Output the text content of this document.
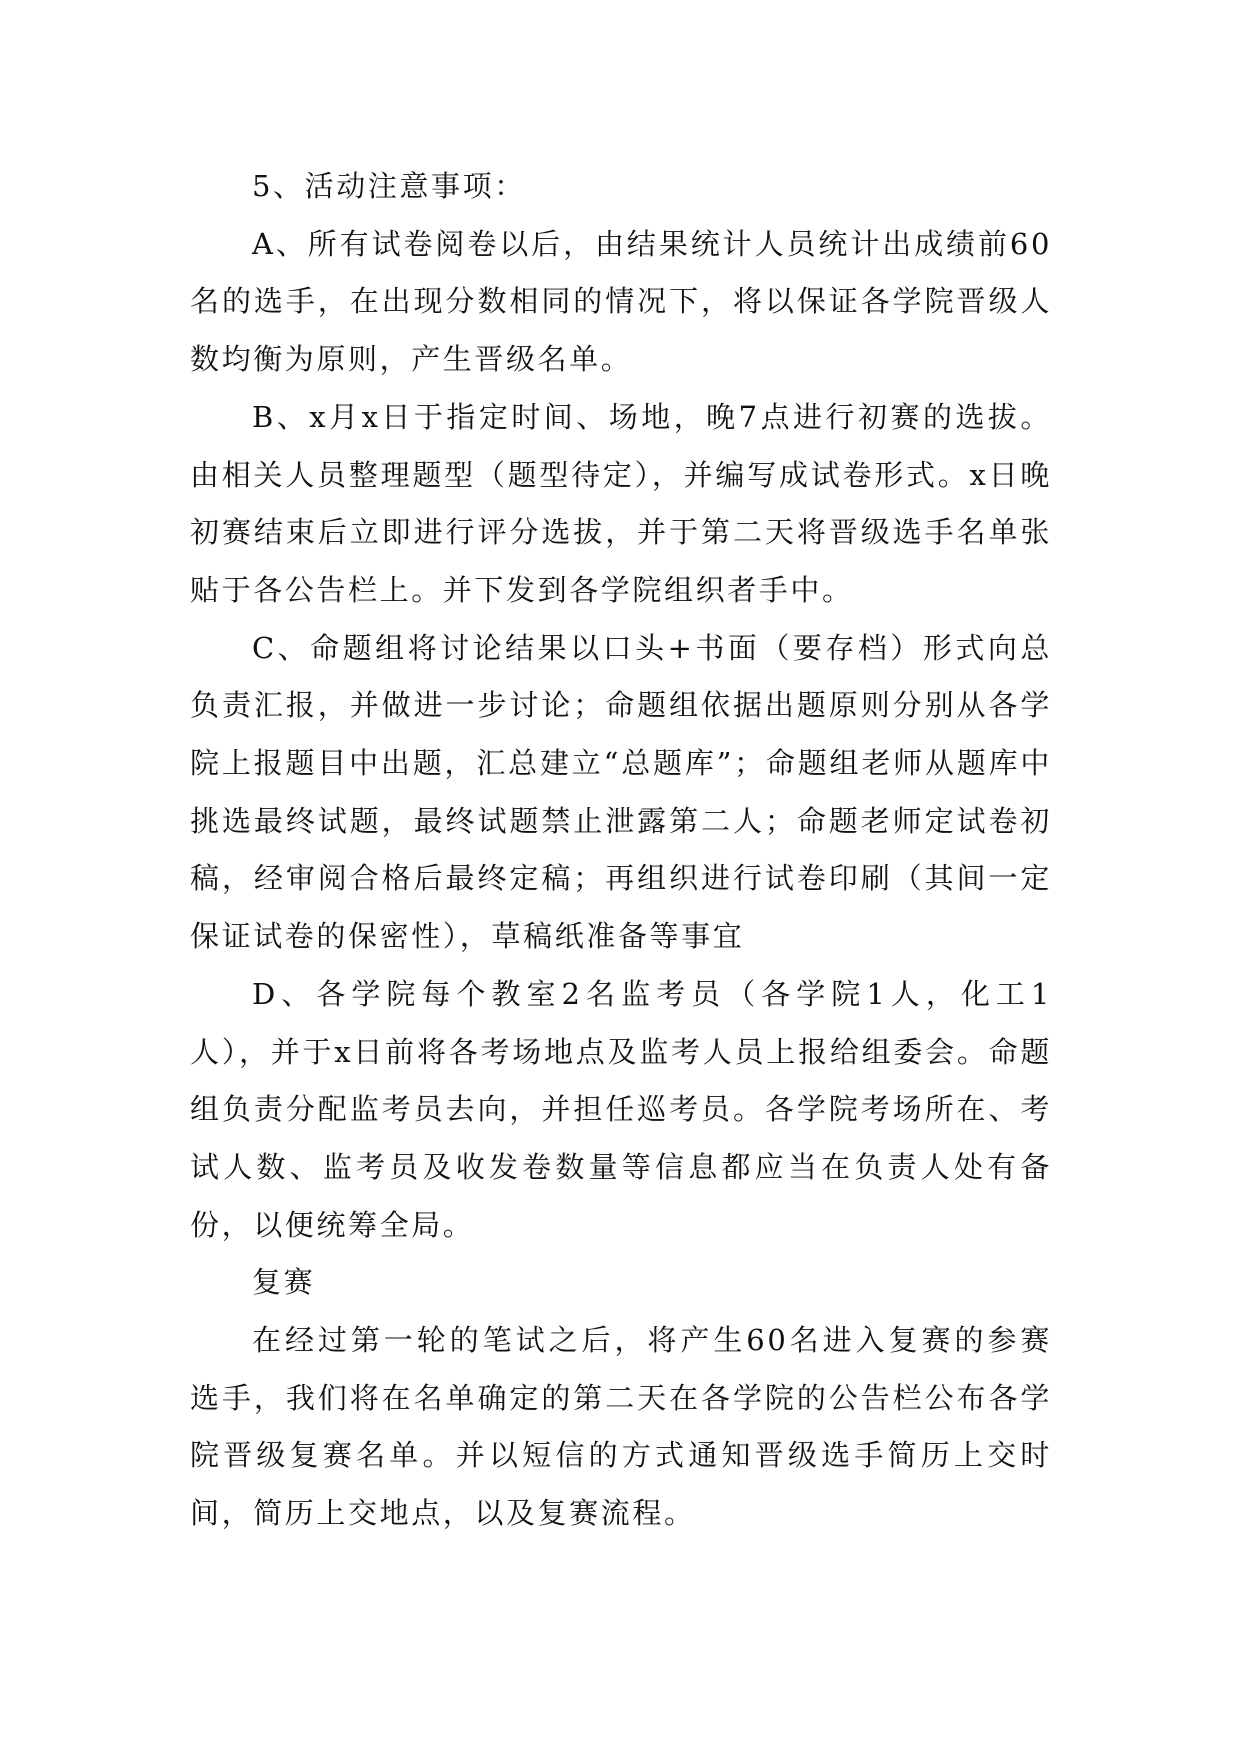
5、活动注意事项：

A、所有试卷阅卷以后，由结果统计人员统计出成绩前60名的选手，在出现分数相同的情况下，将以保证各学院晋级人数均衡为原则，产生晋级名单。

B、x月x日于指定时间、场地，晚7点进行初赛的选拔。由相关人员整理题型（题型待定），并编写成试卷形式。x日晚初赛结束后立即进行评分选拔，并于第二天将晋级选手名单张贴于各公告栏上。并下发到各学院组织者手中。

C、命题组将讨论结果以口头+书面（要存档）形式向总负责汇报，并做进一步讨论；命题组依据出题原则分别从各学院上报题目中出题，汇总建立“总题库”；命题组老师从题库中挑选最终试题，最终试题禁止泄露第二人；命题老师定试卷初稿，经审阅合格后最终定稿；再组织进行试卷印刷（其间一定保证试卷的保密性），草稿纸准备等事宜

D、各学院每个教室2名监考员（各学院1人，化工1人），并于x日前将各考场地点及监考人员上报给组委会。命题组负责分配监考员去向，并担任巡考员。各学院考场所在、考试人数、监考员及收发卷数量等信息都应当在负责人处有备份，以便统筹全局。

复赛

在经过第一轮的笔试之后，将产生60名进入复赛的参赛选手，我们将在名单确定的第二天在各学院的公告栏公布各学院晋级复赛名单。并以短信的方式通知晋级选手简历上交时间，简历上交地点，以及复赛流程。
